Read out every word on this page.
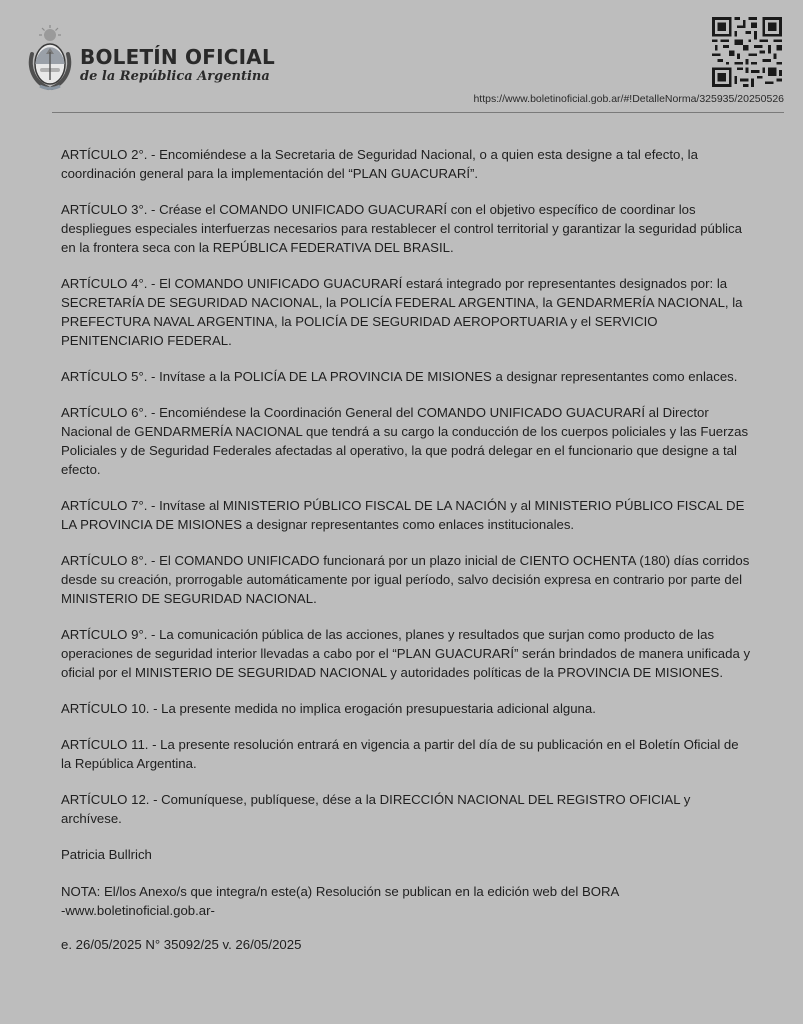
BOLETÍN OFICIAL
de la República Argentina
https://www.boletinoficial.gob.ar/#!DetalleNorma/325935/20250526

ARTÍCULO 2°. - Encomiéndese a la Secretaria de Seguridad Nacional, o a quien esta designe a tal efecto, la coordinación general para la implementación del “PLAN GUACURARÍ”.

ARTÍCULO 3°. - Créase el COMANDO UNIFICADO GUACURARÍ con el objetivo específico de coordinar los despliegues especiales interfuerzas necesarios para restablecer el control territorial y garantizar la seguridad pública en la frontera seca con la REPÚBLICA FEDERATIVA DEL BRASIL.

ARTÍCULO 4°. - El COMANDO UNIFICADO GUACURARÍ estará integrado por representantes designados por: la SECRETARÍA DE SEGURIDAD NACIONAL, la POLICÍA FEDERAL ARGENTINA, la GENDARMERÍA NACIONAL, la PREFECTURA NAVAL ARGENTINA, la POLICÍA DE SEGURIDAD AEROPORTUARIA y el SERVICIO PENITENCIARIO FEDERAL.

ARTÍCULO 5°. - Invítase a la POLICÍA DE LA PROVINCIA DE MISIONES a designar representantes como enlaces.

ARTÍCULO 6°. - Encomiéndese la Coordinación General del COMANDO UNIFICADO GUACURARÍ al Director Nacional de GENDARMERÍA NACIONAL que tendrá a su cargo la conducción de los cuerpos policiales y las Fuerzas Policiales y de Seguridad Federales afectadas al operativo, la que podrá delegar en el funcionario que designe a tal efecto.

ARTÍCULO 7°. - Invítase al MINISTERIO PÚBLICO FISCAL DE LA NACIÓN y al MINISTERIO PÚBLICO FISCAL DE LA PROVINCIA DE MISIONES a designar representantes como enlaces institucionales.

ARTÍCULO 8°. - El COMANDO UNIFICADO funcionará por un plazo inicial de CIENTO OCHENTA (180) días corridos desde su creación, prorrogable automáticamente por igual período, salvo decisión expresa en contrario por parte del MINISTERIO DE SEGURIDAD NACIONAL.

ARTÍCULO 9°. - La comunicación pública de las acciones, planes y resultados que surjan como producto de las operaciones de seguridad interior llevadas a cabo por el “PLAN GUACURARÍ” serán brindados de manera unificada y oficial por el MINISTERIO DE SEGURIDAD NACIONAL y autoridades políticas de la PROVINCIA DE MISIONES.

ARTÍCULO 10. - La presente medida no implica erogación presupuestaria adicional alguna.

ARTÍCULO 11. - La presente resolución entrará en vigencia a partir del día de su publicación en el Boletín Oficial de la República Argentina.

ARTÍCULO 12. - Comuníquese, publíquese, dése a la DIRECCIÓN NACIONAL DEL REGISTRO OFICIAL y archívese.

Patricia Bullrich

NOTA: El/los Anexo/s que integra/n este(a) Resolución se publican en la edición web del BORA
-www.boletinoficial.gob.ar-

e. 26/05/2025 N° 35092/25 v. 26/05/2025
